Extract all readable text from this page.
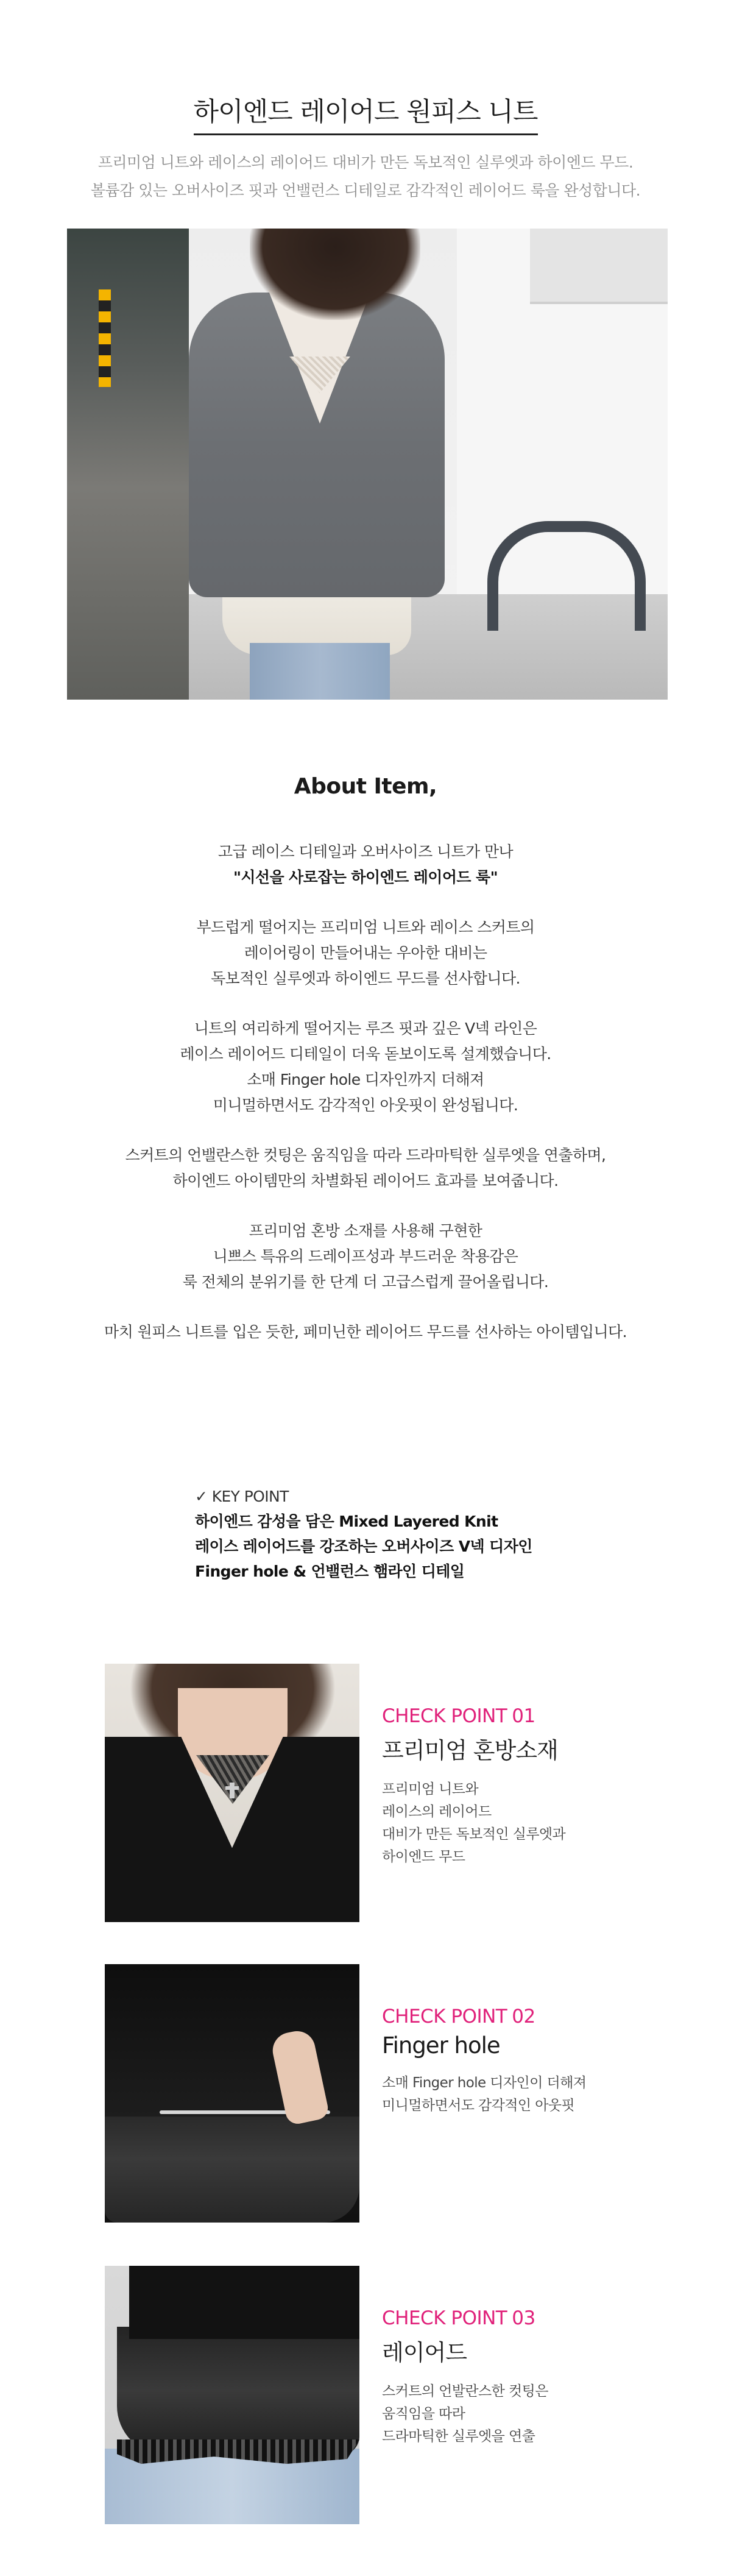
하이엔드 레이어드 원피스 니트
프리미엄 니트와 레이스의 레이어드 대비가 만든 독보적인 실루엣과 하이엔드 무드.
볼륨감 있는 오버사이즈 핏과 언밸런스 디테일로 감각적인 레이어드 룩을 완성합니다.
About Item,
고급 레이스 디테일과 오버사이즈 니트가 만나
"시선을 사로잡는 하이엔드 레이어드 룩"
부드럽게 떨어지는 프리미엄 니트와 레이스 스커트의
레이어링이 만들어내는 우아한 대비는
독보적인 실루엣과 하이엔드 무드를 선사합니다.
니트의 여리하게 떨어지는 루즈 핏과 깊은 V넥 라인은
레이스 레이어드 디테일이 더욱 돋보이도록 설계했습니다.
소매 Finger hole 디자인까지 더해져
미니멀하면서도 감각적인 아웃핏이 완성됩니다.
스커트의 언밸란스한 컷팅은 움직임을 따라 드라마틱한 실루엣을 연출하며,
하이엔드 아이템만의 차별화된 레이어드 효과를 보여줍니다.
프리미엄 혼방 소재를 사용해 구현한
니쁘스 특유의 드레이프성과 부드러운 착용감은
룩 전체의 분위기를 한 단계 더 고급스럽게 끌어올립니다.
마치 원피스 니트를 입은 듯한, 페미닌한 레이어드 무드를 선사하는 아이템입니다.
✓ KEY POINT
하이엔드 감성을 담은 Mixed Layered Knit
레이스 레이어드를 강조하는 오버사이즈 V넥 디자인
Finger hole & 언밸런스 햄라인 디테일
CHECK POINT 01
프리미엄 혼방소재
프리미엄 니트와
레이스의 레이어드
대비가 만든 독보적인 실루엣과
하이엔드 무드
CHECK POINT 02
Finger hole
소매 Finger hole 디자인이 더해져
미니멀하면서도 감각적인 아웃핏
CHECK POINT 03
레이어드
스커트의 언발란스한 컷팅은
움직임을 따라
드라마틱한 실루엣을 연출
